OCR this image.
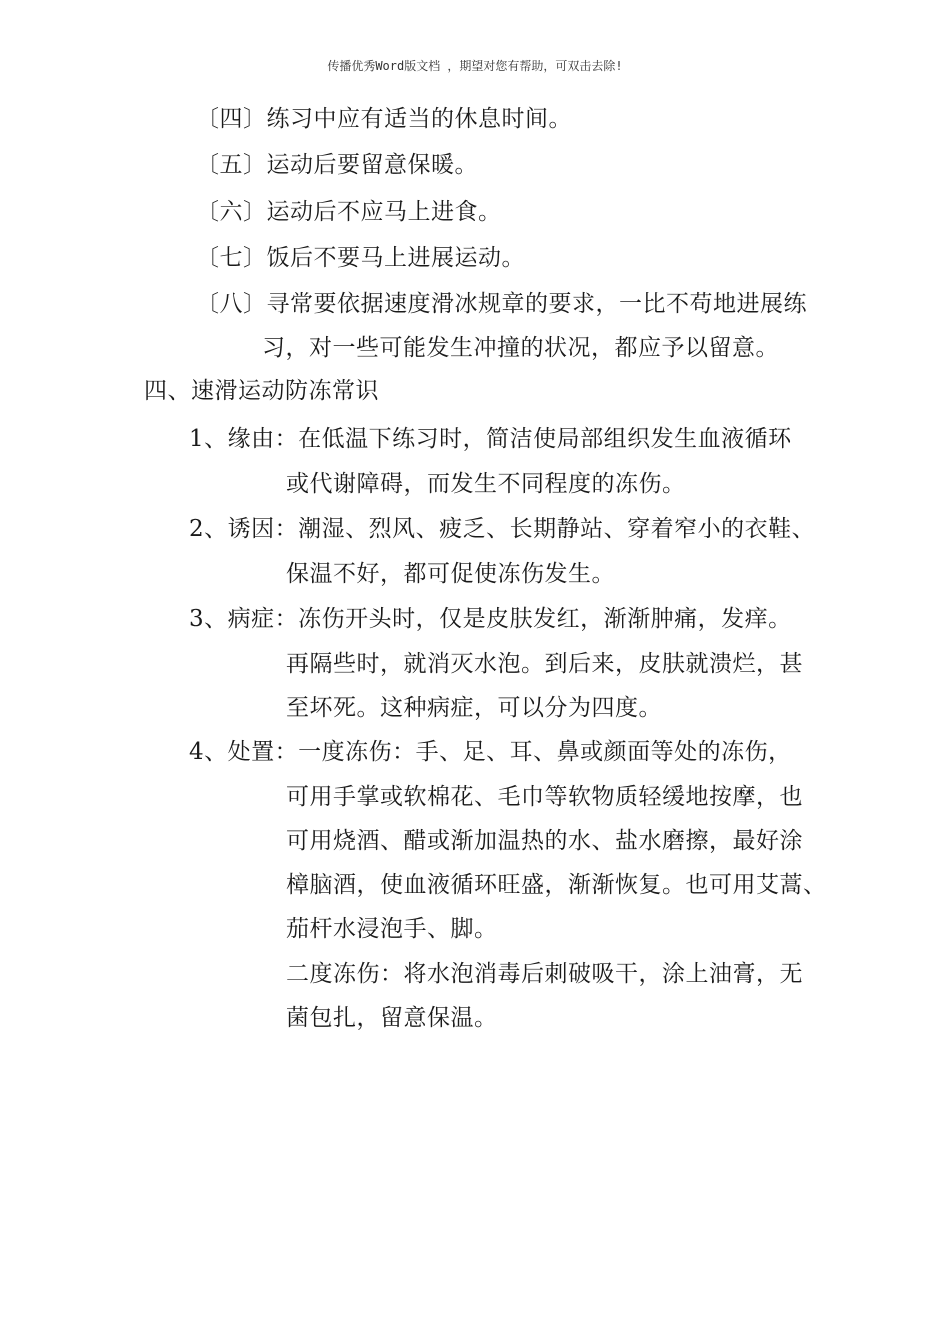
传播优秀Word版文档 ，期望对您有帮助，可双击去除!
〔四〕练习中应有适当的休息时间。
〔五〕运动后要留意保暖。
〔六〕运动后不应马上进食。
〔七〕饭后不要马上进展运动。
〔八〕寻常要依据速度滑冰规章的要求，一比不苟地进展练
习，对一些可能发生冲撞的状况，都应予以留意。
四、速滑运动防冻常识
1、缘由：在低温下练习时，简洁使局部组织发生血液循环
或代谢障碍，而发生不同程度的冻伤。
2、诱因：潮湿、烈风、疲乏、长期静站、穿着窄小的衣鞋、
保温不好，都可促使冻伤发生。
3、病症：冻伤开头时，仅是皮肤发红，渐渐肿痛，发痒。
再隔些时，就消灭水泡。到后来，皮肤就溃烂，甚
至坏死。这种病症，可以分为四度。
4、处置：一度冻伤：手、足、耳、鼻或颜面等处的冻伤，
可用手掌或软棉花、毛巾等软物质轻缓地按摩，也
可用烧酒、醋或渐加温热的水、盐水磨擦，最好涂
樟脑酒，使血液循环旺盛，渐渐恢复。也可用艾蒿、
茄杆水浸泡手、脚。
二度冻伤：将水泡消毒后刺破吸干，涂上油膏，无
菌包扎，留意保温。
